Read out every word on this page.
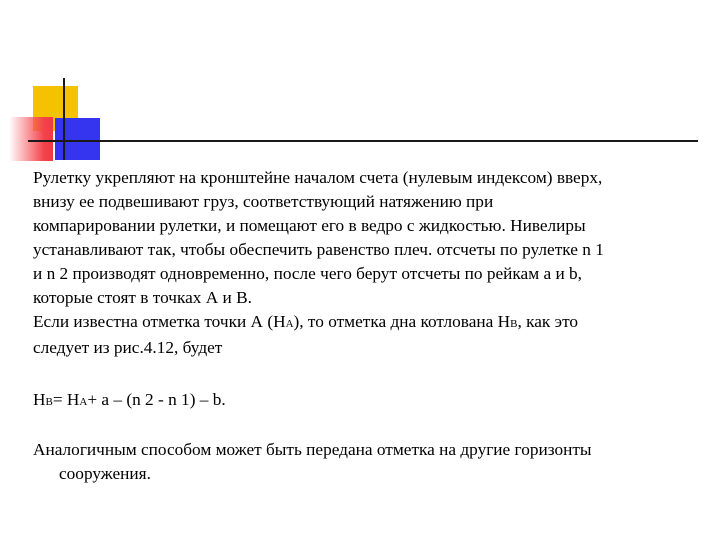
Рулетку укрепляют на кронштейне началом счета (нулевым индексом) вверх,
внизу ее подвешивают груз, соответствующий натяжению при
компарировании рулетки, и помещают его в ведро с жидкостью. Нивелиры
устанавливают так, чтобы обеспечить равенство плеч. отсчеты по рулетке n 1
и n 2 производят одновременно, после чего берут отсчеты по рейкам a и b,
которые стоят в точках А и В.

Если известна отметка точки А (НА), то отметка дна котлована НВ, как это
следует из рис.4.12, будет

НВ= НА+ a – (n 2 - n 1) – b.

Аналогичным способом может быть передана отметка на другие горизонты
сооружения.
